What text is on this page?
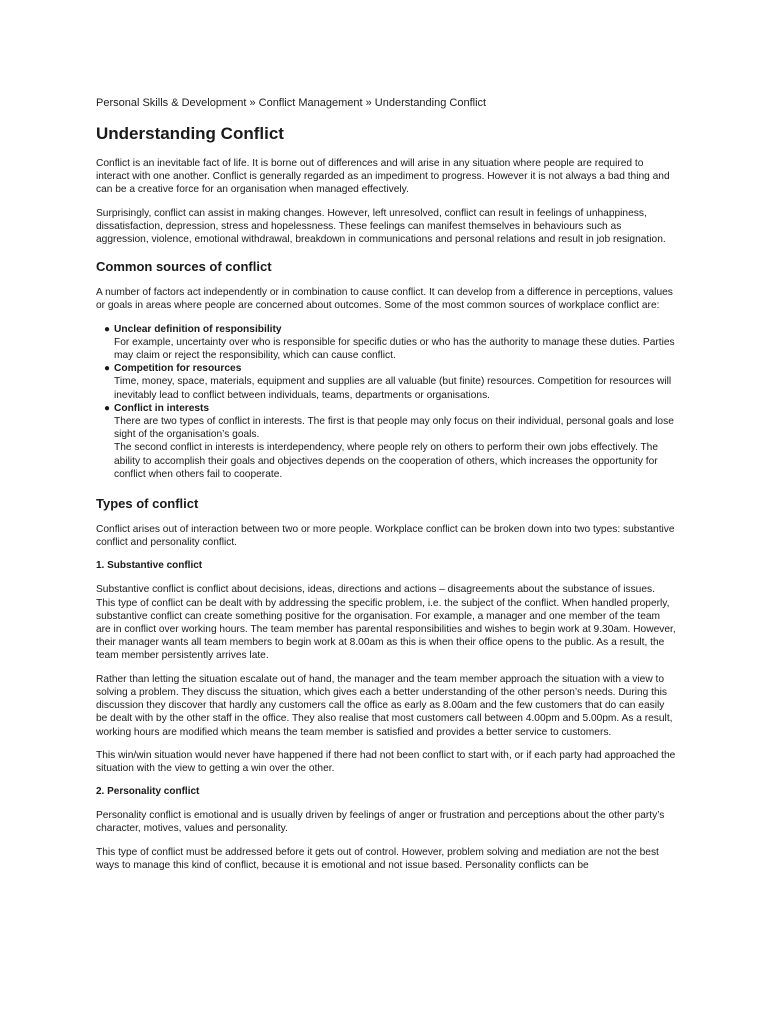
Personal Skills & Development » Conflict Management » Understanding Conflict
Understanding Conflict

Conflict is an inevitable fact of life. It is borne out of differences and will arise in any situation where people are required to interact with one another. Conflict is generally regarded as an impediment to progress. However it is not always a bad thing and can be a creative force for an organisation when managed effectively.

Surprisingly, conflict can assist in making changes. However, left unresolved, conflict can result in feelings of unhappiness, dissatisfaction, depression, stress and hopelessness. These feelings can manifest themselves in behaviours such as aggression, violence, emotional withdrawal, breakdown in communications and personal relations and result in job resignation.

Common sources of conflict

A number of factors act independently or in combination to cause conflict. It can develop from a difference in perceptions, values or goals in areas where people are concerned about outcomes. Some of the most common sources of workplace conflict are:

● Unclear definition of responsibility
For example, uncertainty over who is responsible for specific duties or who has the authority to manage these duties. Parties may claim or reject the responsibility, which can cause conflict.
● Competition for resources
Time, money, space, materials, equipment and supplies are all valuable (but finite) resources. Competition for resources will inevitably lead to conflict between individuals, teams, departments or organisations.
● Conflict in interests
There are two types of conflict in interests. The first is that people may only focus on their individual, personal goals and lose sight of the organisation’s goals.
The second conflict in interests is interdependency, where people rely on others to perform their own jobs effectively. The ability to accomplish their goals and objectives depends on the cooperation of others, which increases the opportunity for conflict when others fail to cooperate.
Types of conflict

Conflict arises out of interaction between two or more people. Workplace conflict can be broken down into two types: substantive conflict and personality conflict.

1. Substantive conflict

Substantive conflict is conflict about decisions, ideas, directions and actions – disagreements about the substance of issues. This type of conflict can be dealt with by addressing the specific problem, i.e. the subject of the conflict. When handled properly, substantive conflict can create something positive for the organisation. For example, a manager and one member of the team are in conflict over working hours. The team member has parental responsibilities and wishes to begin work at 9.30am. However, their manager wants all team members to begin work at 8.00am as this is when their office opens to the public. As a result, the team member persistently arrives late.

Rather than letting the situation escalate out of hand, the manager and the team member approach the situation with a view to solving a problem. They discuss the situation, which gives each a better understanding of the other person’s needs. During this discussion they discover that hardly any customers call the office as early as 8.00am and the few customers that do can easily be dealt with by the other staff in the office. They also realise that most customers call between 4.00pm and 5.00pm. As a result, working hours are modified which means the team member is satisfied and provides a better service to customers.

This win/win situation would never have happened if there had not been conflict to start with, or if each party had approached the situation with the view to getting a win over the other.

2. Personality conflict

Personality conflict is emotional and is usually driven by feelings of anger or frustration and perceptions about the other party’s character, motives, values and personality.

This type of conflict must be addressed before it gets out of control. However, problem solving and mediation are not the best ways to manage this kind of conflict, because it is emotional and not issue based. Personality conflicts can be
